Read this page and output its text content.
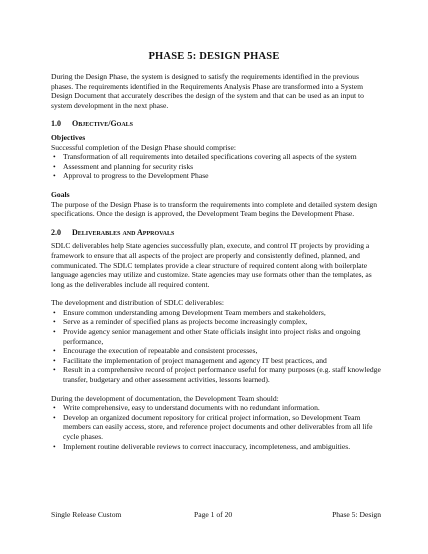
PHASE 5: DESIGN PHASE

During the Design Phase, the system is designed to satisfy the requirements identified in the previous phases. The requirements identified in the Requirements Analysis Phase are transformed into a System Design Document that accurately describes the design of the system and that can be used as an input to system development in the next phase.

1.0 Objective/Goals

Objectives

Successful completion of the Design Phase should comprise:

• Transformation of all requirements into detailed specifications covering all aspects of the system
• Assessment and planning for security risks
• Approval to progress to the Development Phase

Goals

The purpose of the Design Phase is to transform the requirements into complete and detailed system design specifications. Once the design is approved, the Development Team begins the Development Phase.

2.0 Deliverables and Approvals

SDLC deliverables help State agencies successfully plan, execute, and control IT projects by providing a framework to ensure that all aspects of the project are properly and consistently defined, planned, and communicated. The SDLC templates provide a clear structure of required content along with boilerplate language agencies may utilize and customize. State agencies may use formats other than the templates, as long as the deliverables include all required content.

The development and distribution of SDLC deliverables:

• Ensure common understanding among Development Team members and stakeholders,
• Serve as a reminder of specified plans as projects become increasingly complex,
• Provide agency senior management and other State officials insight into project risks and ongoing performance,
• Encourage the execution of repeatable and consistent processes,
• Facilitate the implementation of project management and agency IT best practices, and
• Result in a comprehensive record of project performance useful for many purposes (e.g. staff knowledge transfer, budgetary and other assessment activities, lessons learned).

During the development of documentation, the Development Team should:

• Write comprehensive, easy to understand documents with no redundant information.
• Develop an organized document repository for critical project information, so Development Team members can easily access, store, and reference project documents and other deliverables from all life cycle phases.
• Implement routine deliverable reviews to correct inaccuracy, incompleteness, and ambiguities.
Single Release Custom	Page 1 of 20	Phase 5: Design
